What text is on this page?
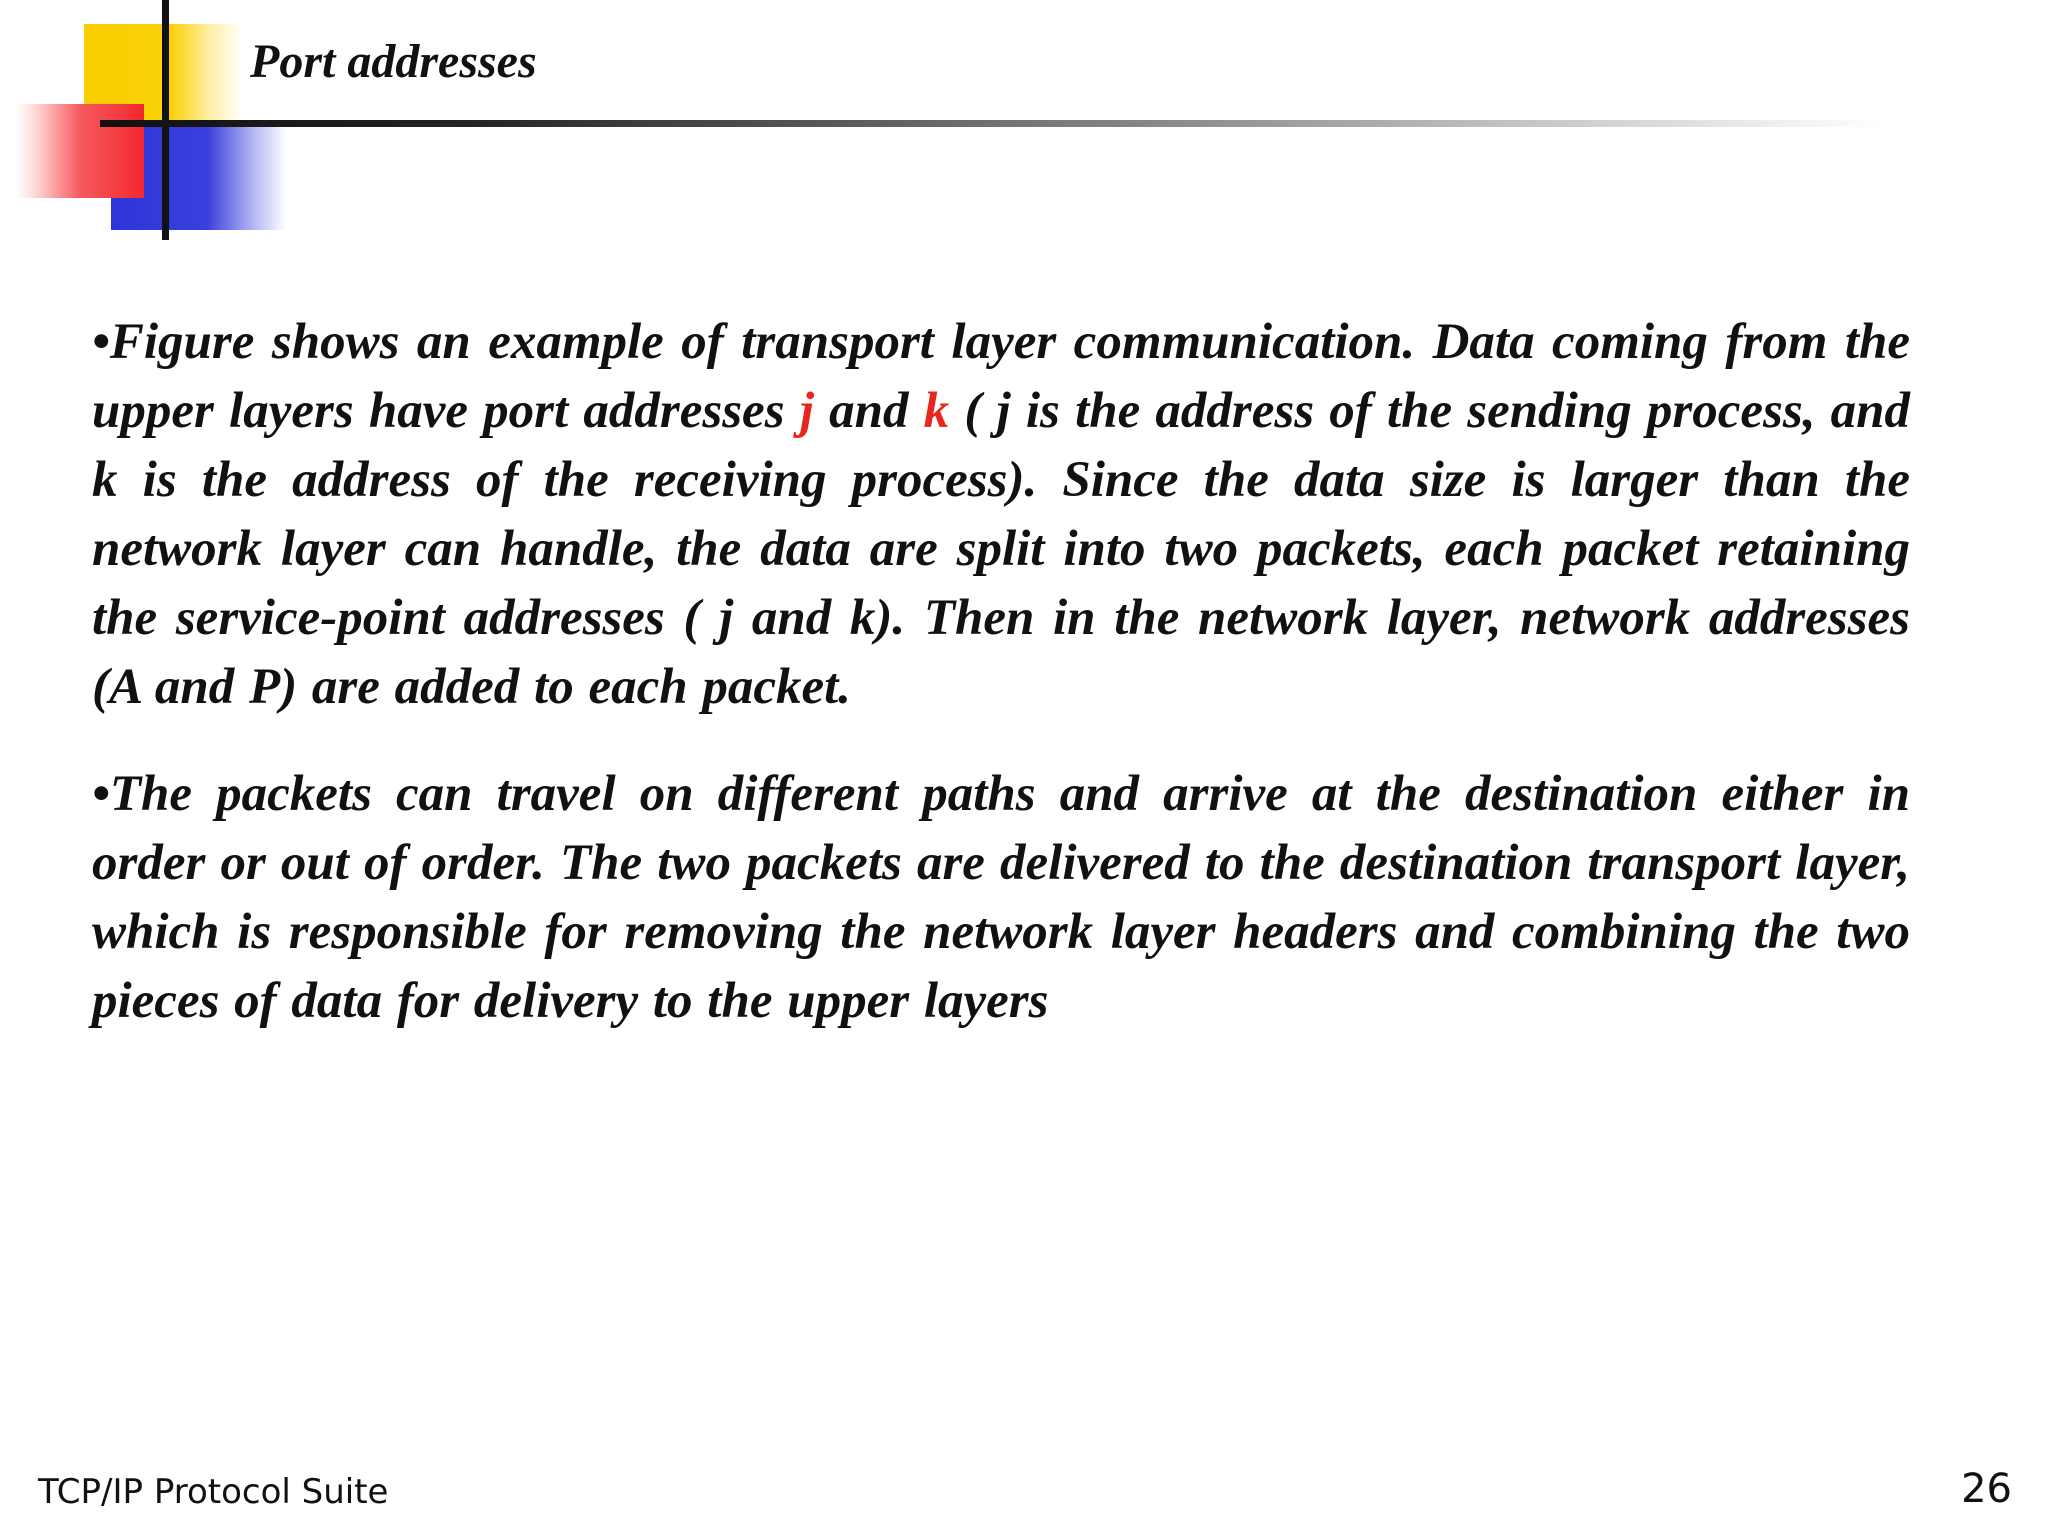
Port addresses

•Figure shows an example of transport layer communication. Data coming from the upper layers have port addresses j and k ( j is the address of the sending process, and k is the address of the receiving process). Since the data size is larger than the network layer can handle, the data are split into two packets, each packet retaining the service-point addresses ( j and k). Then in the network layer, network addresses (A and P) are added to each packet.

•The packets can travel on different paths and arrive at the destination either in order or out of order. The two packets are delivered to the destination transport layer, which is responsible for removing the network layer headers and combining the two pieces of data for delivery to the upper layers

TCP/IP Protocol Suite	26
